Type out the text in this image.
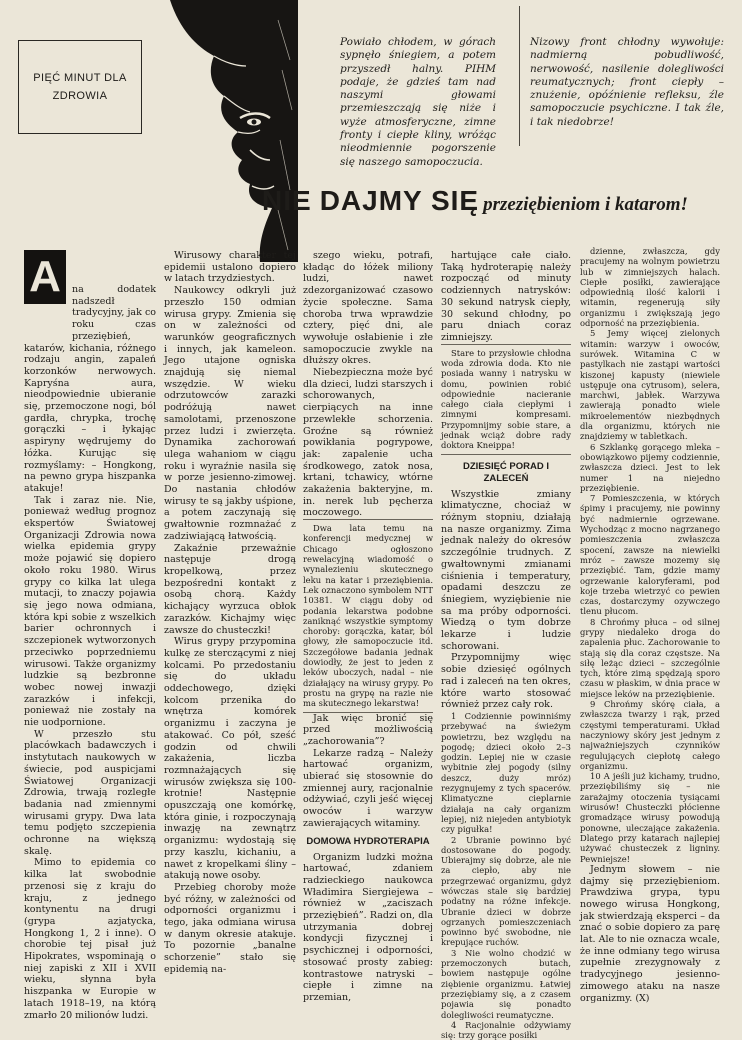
PIĘĆ MINUT DLA ZDROWIA
Powiało chłodem, w górach sypnęło śniegiem, a potem przyszedł halny. PIHM podaje, że gdzieś tam nad naszymi głowami przemieszczają się niże i wyże atmosferyczne, zimne fronty i ciepłe kliny, wróżąc nieodmiennie pogorszenie się naszego samopoczucia.
Nizowy front chłodny wywołuje: nadmierną pobudliwość, nerwowość, nasilenie dolegliwości reumatycznych; front ciepły – znużenie, opóźnienie refleksu, źle samopoczucie psychiczne. I tak źle, i tak niedobrze!
NIE DAJMY SIĘ przeziębieniom i katarom!
A	na dodatek nadszedł tradycyjny, jak co roku czas przeziębień, katarów, kichania, różnego rodzaju angin, zapaleń korzonków nerwowych. Kapryśna aura, nieodpowiednie ubieranie się, przemoczone nogi, ból gardła, chrypka, trochę gorączki – i łykając aspiryny wędrujemy do łóżka. Kurując się rozmyślamy: – Hongkong, na pewno grypa hiszpanka atakuje!

Tak i zaraz nie. Nie, ponieważ według prognoz ekspertów Światowej Organizacji Zdrowia nowa wielka epidemia grypy może pojawić się dopiero około roku 1980. Wirus grypy co kilka lat ulega mutacji, to znaczy pojawia się jego nowa odmiana, która kpi sobie z wszelkich barier ochronnych i szczepionek wytworzonych przeciwko poprzedniemu wirusowi. Także organizmy ludzkie są bezbronne wobec nowej inwazji zarazków i infekcji, ponieważ nie zostały na nie uodpornione.

W przeszło stu placówkach badawczych i instytutach naukowych w świecie, pod auspicjami Światowej Organizacji Zdrowia, trwają rozległe badania nad zmiennymi wirusami grypy. Dwa lata temu podjęto szczepienia ochronne na większą skalę.

Mimo to epidemia co kilka lat swobodnie przenosi się z kraju do kraju, z jednego kontynentu na drugi (grypa azjatycka, Hongkong 1, 2 i inne). O chorobie tej pisał już Hipokrates, wspominają o niej zapiski z XII i XVII wieku, słynna była hiszpanka w Europie w latach 1918–19, na którą zmarło 20 milionów ludzi.

Wirusowy charakter tej epidemii ustalono dopiero w latach trzydziestych.

Naukowcy odkryli już przeszło 150 odmian wirusa grypy. Zmienia się on w zależności od warunków geograficznych i innych, jak kameleon. Jego utajone ogniska znajdują się niemal wszędzie. W wieku odrzutowców zarazki podróżują nawet samolotami, przenoszone przez ludzi i zwierzęta. Dynamika zachorowań ulega wahaniom w ciągu roku i wyraźnie nasila się w porze jesienno-zimowej. Do nastania chłodów wirusy te są jakby uśpione, a potem zaczynają się gwałtownie rozmnażać z zadziwiającą łatwością.

Zakaźnie przeważnie następuje drogą kropelkową, przez bezpośredni kontakt z osobą chorą. Każdy kichający wyrzuca obłok zarazków. Kichajmy więc zawsze do chusteczki!

Wirus grypy przypomina kulkę ze sterczącymi z niej kolcami. Po przedostaniu się do układu oddechowego, dzięki kolcom przenika do wnętrza komórek organizmu i zaczyna je atakować. Co pół, sześć godzin od chwili zakażenia, liczba rozmnażających się wirusów zwiększa się 100-krotnie! Następnie opuszczają one komórkę, która ginie, i rozpoczynają inwazję na zewnątrz organizmu: wydostają się przy kaszlu, kichaniu, a nawet z kropelkami śliny – atakują nowe osoby.

Przebieg choroby może być różny, w zależności od odporności organizmu i tego, jaka odmiana wirusa w danym okresie atakuje. To pozornie „banalne schorzenie” stało się epidemią na-

szego wieku, potrafi, kładąc do łóżek miliony ludzi, nawet zdezorganizować czasowo życie społeczne. Sama choroba trwa wprawdzie cztery, pięć dni, ale wywołuje osłabienie i złe samopoczucie zwykle na dłuższy okres.

Niebezpieczna może być dla dzieci, ludzi starszych i schorowanych, cierpiących na inne przewlekłe schorzenia. Groźne są również powikłania pogrypowe, jak: zapalenie ucha środkowego, zatok nosa, krtani, tchawicy, wtórne zakażenia bakteryjne, m. in. nerek lub pęcherza moczowego.

Dwa lata temu na konferencji medycznej w Chicago ogłoszono rewelacyjną wiadomość o wynalezieniu skutecznego leku na katar i przeziębienia. Lek oznaczono symbolem NTT 10381. W ciągu doby od podania lekarstwa podobne zaniknąć wszystkie symptomy choroby: gorączka, katar, ból głowy, złe samopoczucie itd. Szczegółowe badania jednak dowiodły, że jest to jeden z leków uboczych, nadal – nie działający na wirusy grypy. Po prostu na grypę na razie nie ma skutecznego lekarstwa!

Jak więc bronić się przed możliwością „zachorowania”?

Lekarze radzą – Należy hartować organizm, ubierać się stosownie do zmiennej aury, racjonalnie odżywiać, czyli jeść więcej owoców i warzyw zawierających witaminy.

DOMOWA HYDROTERAPIA

Organizm ludzki można hartować, zdaniem radzieckiego naukowca Władimira Siergiejewa – również w „zaciszach przeziębień”. Radzi on, dla utrzymania dobrej kondycji fizycznej i psychicznej i odporności, stosować prosty zabieg: kontrastowe natryski – ciepłe i zimne na przemian,

hartujące całe ciało. Taką hydroterapię należy rozpocząć od minuty codziennych natrysków: 30 sekund natrysk ciepły, 30 sekund chłodny, po paru dniach coraz zimniejszy.

Stare to przysłowie chłodna woda zdrowia doda. Kto nie posiada wanny i natrysku w domu, powinien robić odpowiednie nacieranie całego ciała ciepłymi i zimnymi kompresami. Przypomnijmy sobie stare, a jednak wciąż dobre rady doktora Kneippa!

DZIESIĘĆ PORAD I ZALECEŃ

Wszystkie zmiany klimatyczne, chociaż w różnym stopniu, działają na nasze organizmy. Zima jednak należy do okresów szczególnie trudnych. Z gwałtownymi zmianami ciśnienia i temperatury, opadami deszczu ze śniegiem, wyziębienie nie sa ma próby odporności. Wiedzą o tym dobrze lekarze i ludzie schorowani.

Przypomnijmy więc sobie dziesięć ogólnych rad i zaleceń na ten okres, które warto stosować również przez cały rok.

1 Codziennie powinniśmy przebywać na świeżym powietrzu, bez względu na pogodę; dzieci około 2–3 godzin. Lepiej nie w czasie wybitnie złej pogody (silny deszcz, duży mróz) rezygnujemy z tych spacerów. Klimatyczne cieplarnie działaja na cały organizm lepiej, niż niejeden antybiotyk czy pigułka!

2 Ubranie powinno być dostosowane do pogody. Ubierajmy się dobrze, ale nie za ciepło, aby nie przegrzewać organizmu, gdyż wówczas stale się bardziej podatny na różne infekcje. Ubranie dzieci w dobrze ogrzanych pomieszczeniach powinno być swobodne, nie krepujące ruchów.

3 Nie wolno chodzić w przemoczonych butach, bowiem następuje ogólne ziębienie organizmu. Łatwiej przeziębiamy się, a z czasem pojawia się ponadto dolegliwości reumatyczne.

4 Racjonalnie odżywiamy się: trzy gorące posiłki

dzienne, zwłaszcza, gdy pracujemy na wolnym powietrzu lub w zimniejszych halach. Ciepłe posiłki, zawierające odpowiednią ilość kalorii i witamin, regenerują siły organizmu i zwiększają jego odporność na przeziębienia.

5 Jemy więcej zielonych witamin: warzyw i owoców, surówek. Witamina C w pastylkach nie zastąpi wartości kiszonej kapusty (niewiele ustępuje ona cytrusom), selera, marchwi, jabłek. Warzywa zawierają ponadto wiele mikroelementów niezbędnych dla organizmu, których nie znajdziemy w tabletkach.

6 Szklankę gorącego mleka – obowiązkowo pijemy codziennie, zwłaszcza dzieci. Jest to lek numer 1 na niejedno przeziębienie.

7 Pomieszczenia, w których śpimy i pracujemy, nie powinny być nadmiernie ogrzewane. Wychodząc z mocno nagrzanego pomieszczenia zwłaszcza spocení, zawsze na niewielki mróz – zawsze mozemy się przeziębić. Tam, gdzie mamy ogrzewanie kaloryferami, pod koje trzeba wietrzyć co pewien czas, dostarczymy ozywczego tlenu płucom.

8 Chrońmy płuca – od silnej grypy niedaleko droga do zapalenia płuc. Zachorowanie to stają się dla coraz częstsze. Na siłę leżąc dzieci – szczególnie tych, które zimą spędzają sporo czasu w płaskim, w dnia prace w miejsce leków na przeziębienie.

9 Chrońmy skórę ciała, a zwłaszcza twarzy i rąk, przed częstymi temperaturami. Układ naczyniowy skóry jest jednym z najważniejszych czynników regulujących ciepłotę całego organizmu.

10 A jeśli już kichamy, trudno, przeziębiliśmy się – nie zarażajmy otoczenia tysiącami wirusów! Chusteczki płócienne gromadzące wirusy powodują ponowne, uleczające zakażenia. Dlatego przy katarach najlepiej używać chusteczek z ligniny. Pewniejsze!

Jednym słowem – nie dajmy się przeziębieniom. Prawdziwa grypa, typu nowego wirusa Hongkong, jak stwierdzają eksperci – da znać o sobie dopiero za parę lat. Ale to nie oznacza wcale, że inne odmiany tego wirusa zupełnie zrezygnowały z tradycyjnego jesienno-zimowego ataku na nasze organizmy. (X)
